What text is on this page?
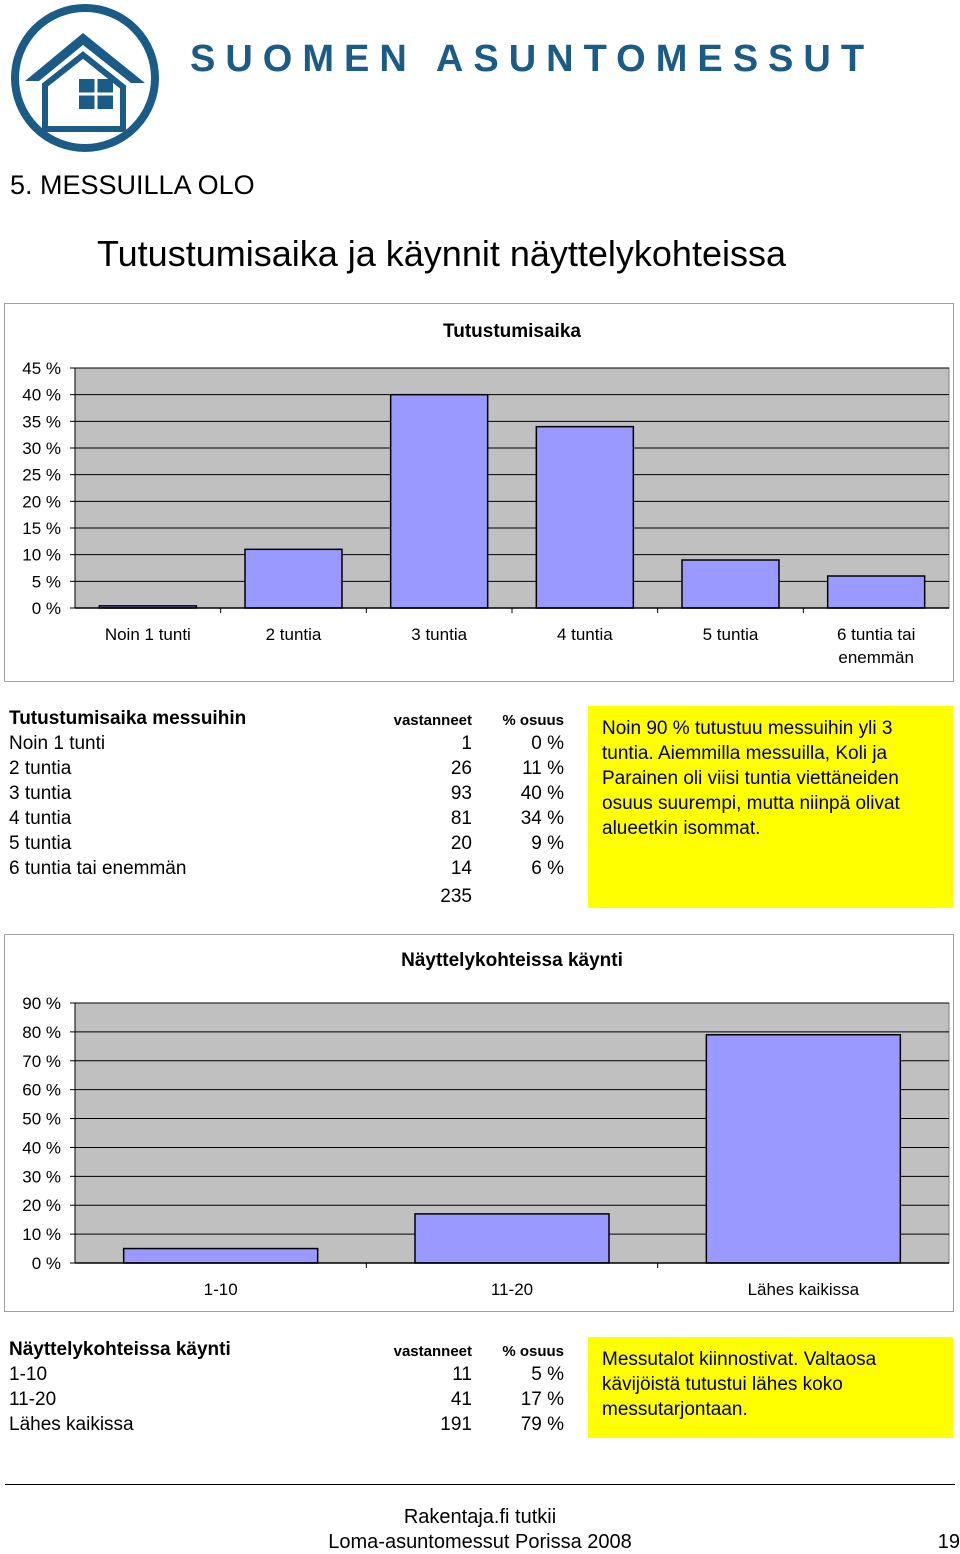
SUOMEN ASUNTOMESSUT
5. MESSUILLA OLO
Tutustumisaika ja käynnit näyttelykohteissa
Tutustumisaika
0 %
5 %
10 %
15 %
20 %
25 %
30 %
35 %
40 %
45 %
Noin 1 tunti	2 tuntia	3 tuntia	4 tuntia	5 tuntia	6 tuntia tai
enemmän
Tutustumisaika messuihin	vastanneet	% osuus
Noin 1 tunti	1	0 %
2 tuntia	26	11 %
3 tuntia	93	40 %
4 tuntia	81	34 %
5 tuntia	20	9 %
6 tuntia tai enemmän	14	6 %
235
Noin 90 % tutustuu messuihin yli 3 tuntia. Aiemmilla messuilla, Koli ja Parainen oli viisi tuntia viettäneiden osuus suurempi, mutta niinpä olivat alueetkin isommat.
Näyttelykohteissa käynti
0 %
10 %
20 %
30 %
40 %
50 %
60 %
70 %
80 %
90 %
1-10	11-20	Lähes kaikissa
Näyttelykohteissa käynti	vastanneet	% osuus
1-10	11	5 %
11-20	41	17 %
Lähes kaikissa	191	79 %
Messutalot kiinnostivat. Valtaosa kävijöistä tutustui lähes koko messutarjontaan.
Rakentaja.fi tutkii
Loma-asuntomessut Porissa 2008	19
